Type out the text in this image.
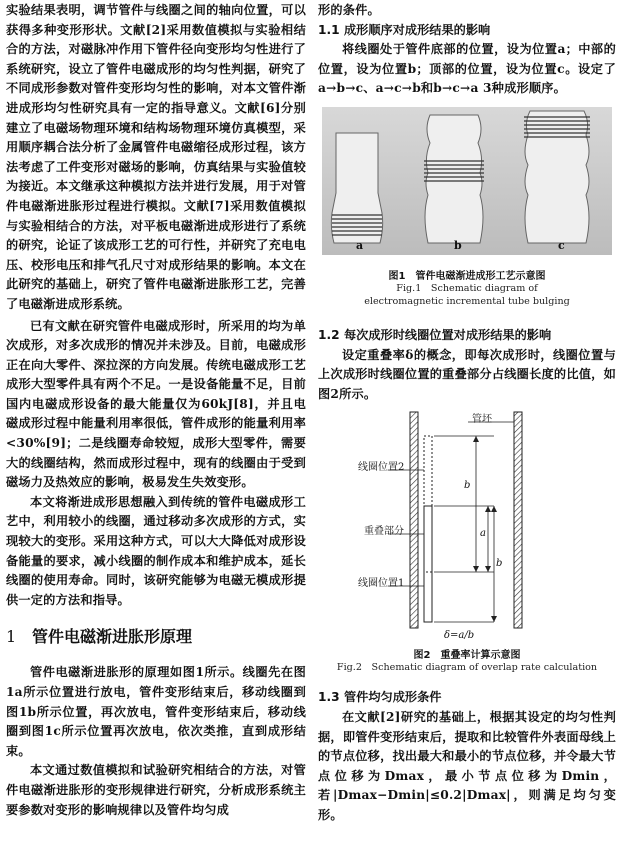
实验结果表明，调节管件与线圈之间的轴向位置，可以获得多种变形形状。文献[2]采用数值模拟与实验相结合的方法，对磁脉冲作用下管件径向变形均匀性进行了系统研究，设立了管件电磁成形的均匀性判据，研究了不同成形参数对管件变形均匀性的影响，对本文管件渐进成形均匀性研究具有一定的指导意义。文献[6]分别建立了电磁场物理环境和结构场物理环境仿真模型，采用顺序耦合法分析了金属管件电磁缩径成形过程，该方法考虑了工件变形对磁场的影响，仿真结果与实验值较为接近。本文继承这种模拟方法并进行发展，用于对管件电磁渐进胀形过程进行模拟。文献[7]采用数值模拟与实验相结合的方法，对平板电磁渐进成形进行了系统的研究，论证了该成形工艺的可行性，并研究了充电电压、校形电压和排气孔尺寸对成形结果的影响。本文在此研究的基础上，研究了管件电磁渐进胀形工艺，完善了电磁渐进成形系统。

已有文献在研究管件电磁成形时，所采用的均为单次成形，对多次成形的情况并未涉及。目前，电磁成形正在向大零件、深拉深的方向发展。传统电磁成形工艺成形大型零件具有两个不足。一是设备能量不足，目前国内电磁成形设备的最大能量仅为60kJ[8]，并且电磁成形过程中能量利用率很低，管件成形的能量利用率<30%[9]；二是线圈寿命较短，成形大型零件，需要大的线圈结构，然而成形过程中，现有的线圈由于受到磁场力及热效应的影响，极易发生失效变形。

本文将渐进成形思想融入到传统的管件电磁成形工艺中，利用较小的线圈，通过移动多次成形的方式，实现较大的变形。采用这种方式，可以大大降低对成形设备能量的要求，减小线圈的制作成本和维护成本，延长线圈的使用寿命。同时，该研究能够为电磁无模成形提供一定的方法和指导。

1 管件电磁渐进胀形原理

管件电磁渐进胀形的原理如图1所示。线圈先在图1a所示位置进行放电，管件变形结束后，移动线圈到图1b所示位置，再次放电，管件变形结束后，移动线圈到图1c所示位置再次放电，依次类推，直到成形结束。

本文通过数值模拟和试验研究相结合的方法，对管件电磁渐进胀形的变形规律进行研究，分析成形系统主要参数对变形的影响规律以及管件均匀成

形的条件。

1.1 成形顺序对成形结果的影响

将线圈处于管件底部的位置，设为位置a；中部的位置，设为位置b；顶部的位置，设为位置c。设定了a→b→c、a→c→b和b→c→a 3种成形顺序。

a	b	c

图1　管件电磁渐进成形工艺示意图

Fig.1　Schematic diagram of electromagnetic incremental tube bulging

1.2 每次成形时线圈位置对成形结果的影响

设定重叠率δ的概念，即每次成形时，线圈位置与上次成形时线圈位置的重叠部分占线圈长度的比值，如图2所示。

管坯
线圈位置2
重叠部分
线圈位置1
b
a
b
δ=a/b

图2　重叠率计算示意图

Fig.2　Schematic diagram of overlap rate calculation

1.3 管件均匀成形条件

在文献[2]研究的基础上，根据其设定的均匀性判据，即管件变形结束后，提取和比较管件外表面母线上的节点位移，找出最大和最小的节点位移，并令最大节点位移为Dmax，最小节点位移为Dmin，若|Dmax−Dmin|≤0.2|Dmax|，则满足均匀变形。
